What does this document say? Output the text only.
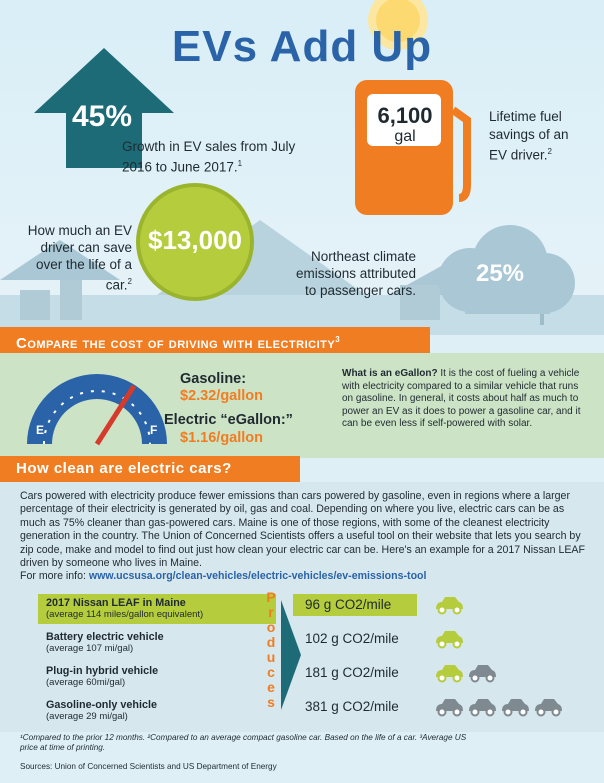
EVs Add Up
45%
Growth in EV sales from July 2016 to June 2017.$^1$
6,100
gal
Lifetime fuel savings of an EV driver.$^2$
$13,000
How much an EV driver can save over the life of a car.$^2$	25%
Northeast climate emissions attributed to passenger cars.
Compare the cost of driving with electricity$^3$
E	F
Gasoline:
$2.32/gallon
Electric “eGallon:”
$1.16/gallon
What is an eGallon? It is the cost of fueling a vehicle with electricity compared to a similar vehicle that runs on gasoline. In general, it costs about half as much to power an EV as it does to power a gasoline car, and it can be even less if self-powered with solar.
How clean are electric cars?
Cars powered with electricity produce fewer emissions than cars powered by gasoline, even in regions where a larger percentage of their electricity is generated by oil, gas and coal. Depending on where you live, electric cars can be as much as 75% cleaner than gas-powered cars. Maine is one of those regions, with some of the cleanest electricity generation in the country. The Union of Concerned Scientists offers a useful tool on their website that lets you search by zip code, make and model to find out just how clean your electric car can be. Here's an example for a 2017 Nissan LEAF driven by someone who lives in Maine.
For more info: www.ucsusa.org/clean-vehicles/electric-vehicles/ev-emissions-tool
2017 Nissan LEAF in Maine
(average 114 miles/gallon equivalent)
Battery electric vehicle
(average 107 mi/gal)
Plug-in hybrid vehicle
(average 60mi/gal)
Gasoline-only vehicle
(average 29 mi/gal)
P
r
o
d
u
c
e
s
96 g CO2/mile
102 g CO2/mile
181 g CO2/mile
381 g CO2/mile
¹Compared to the prior 12 months. ²Compared to an average compact gasoline car. Based on the life of a car. ³Average US price at time of printing.
Sources: Union of Concerned Scientists and US Department of Energy
